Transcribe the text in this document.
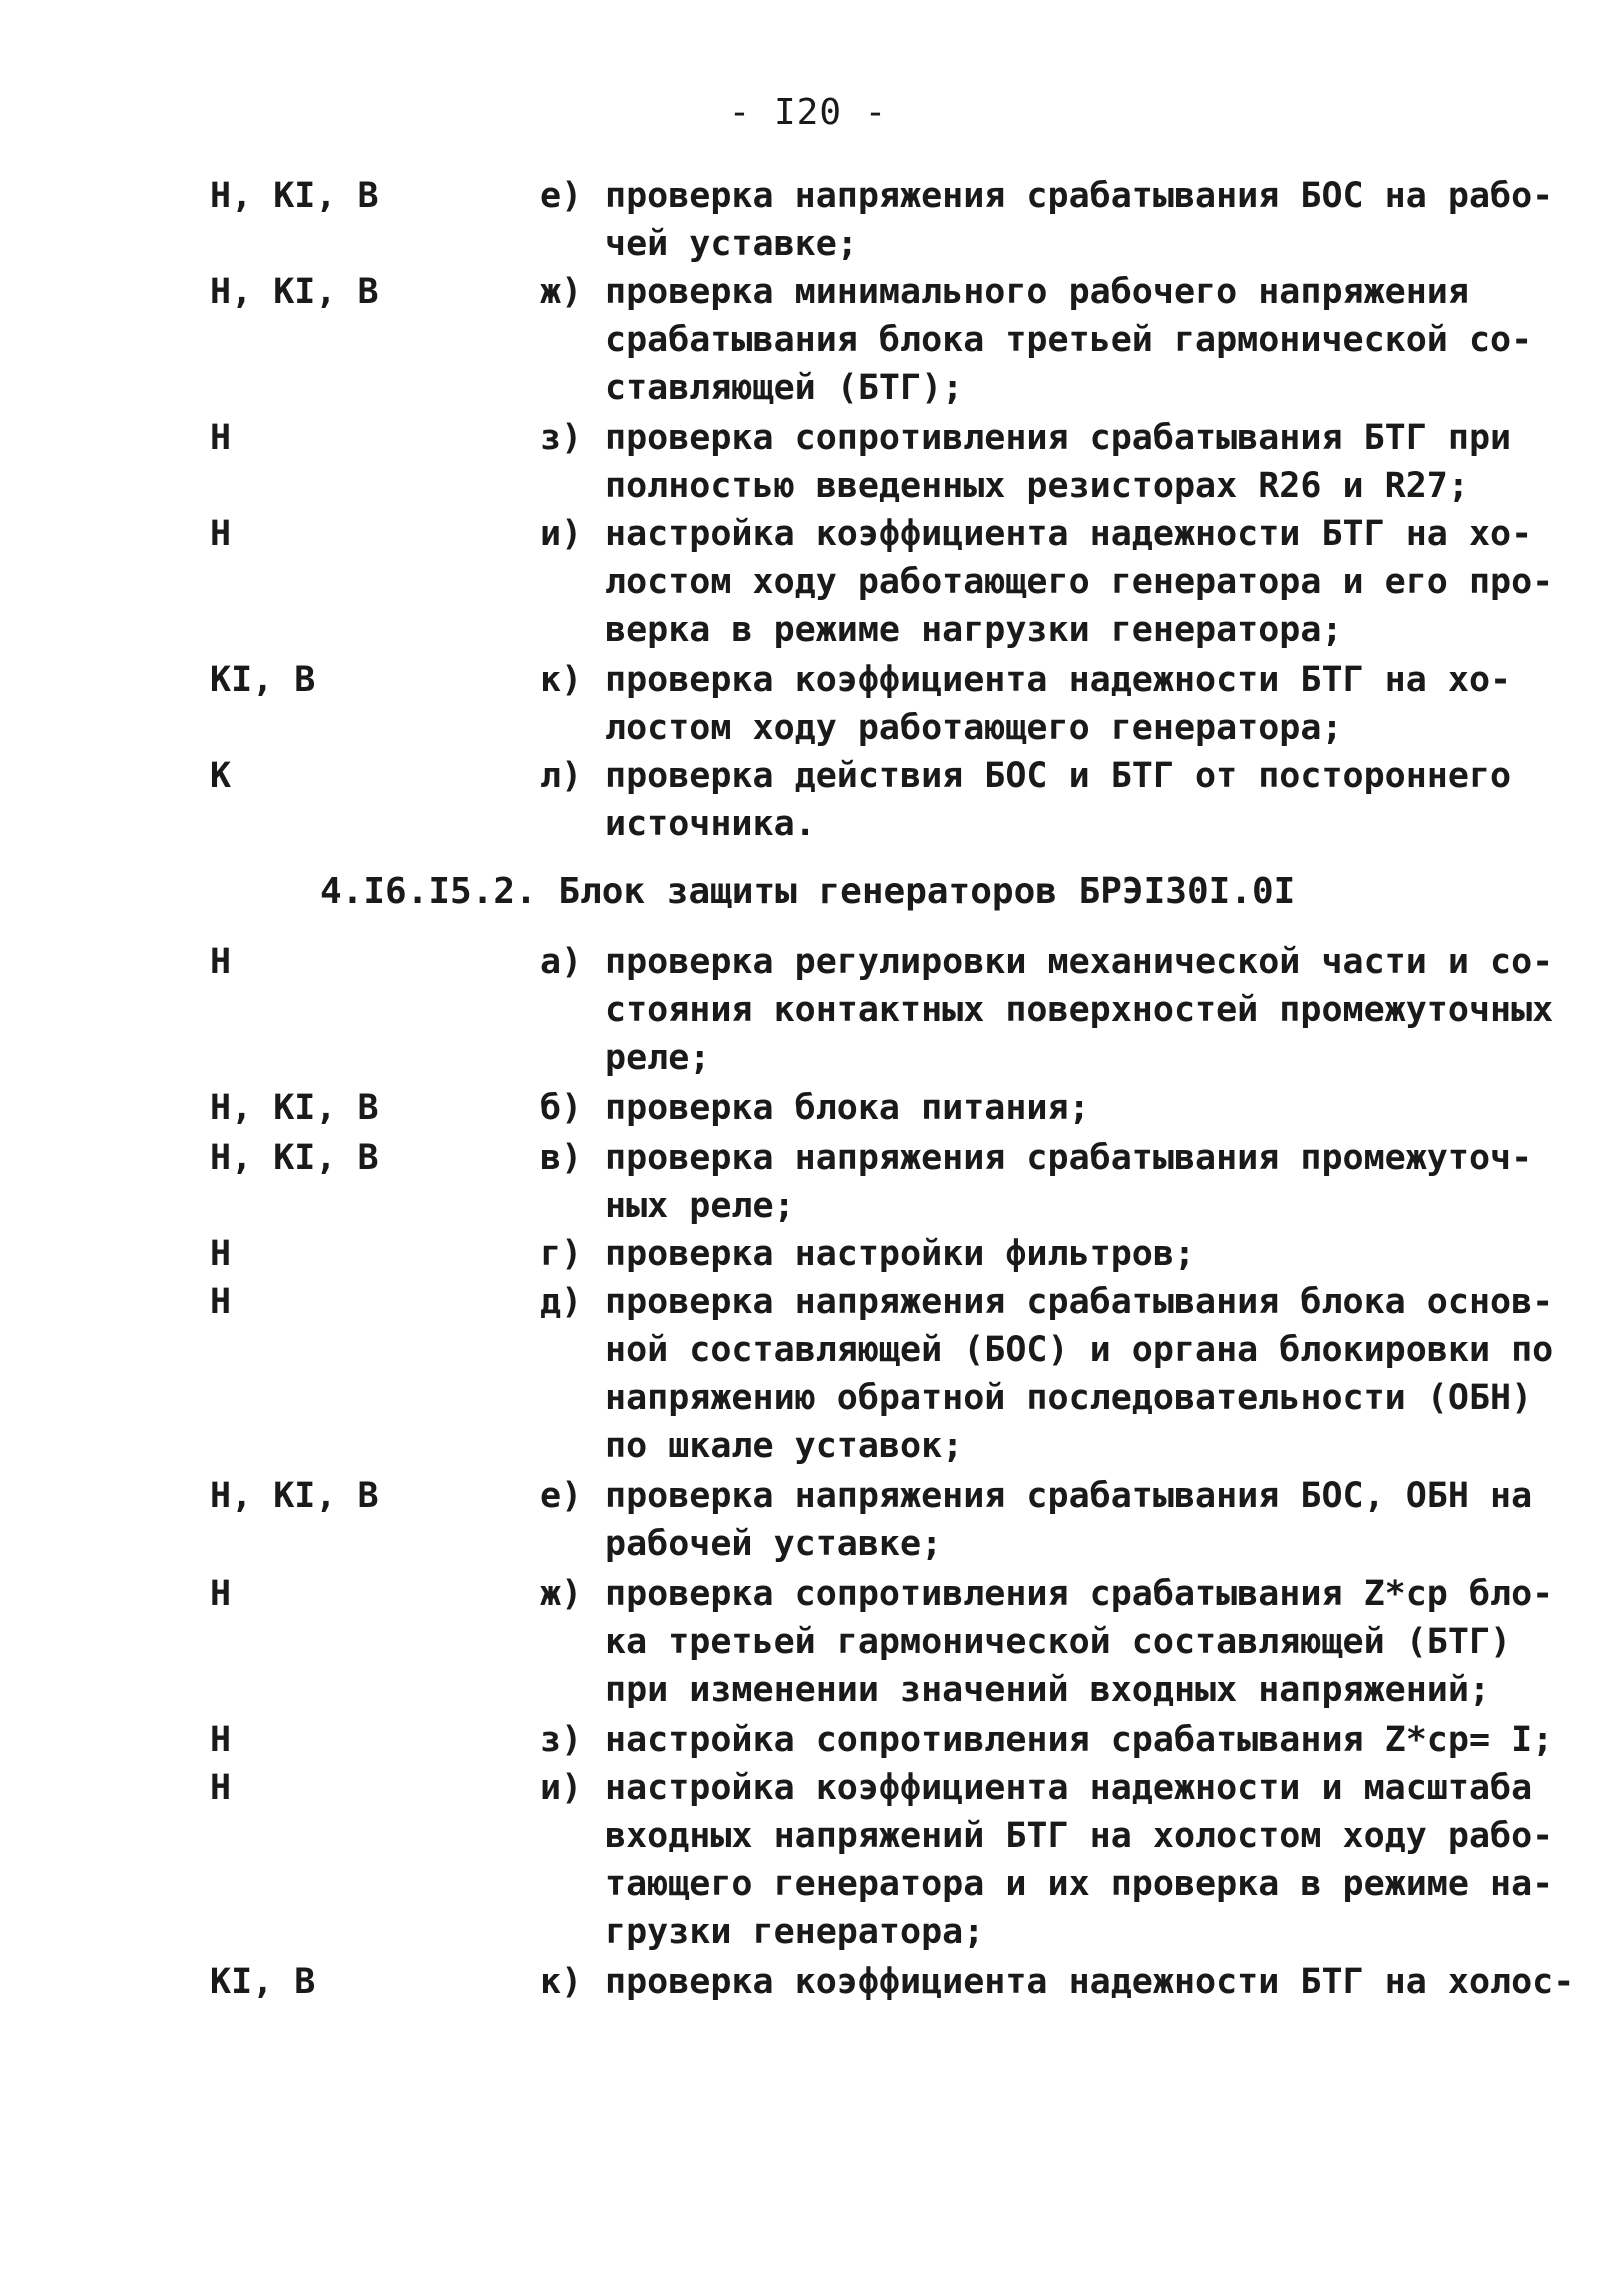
- I20 -
Н, КI, В	е) проверка напряжения срабатывания БОС на рабо-
чей уставке;
Н, КI, В	ж) проверка минимального рабочего напряжения
срабатывания блока третьей гармонической со-
ставляющей (БТГ);
Н	з) проверка сопротивления срабатывания БТГ при
полностью введенных резисторах R26 и R27;
Н	и) настройка коэффициента надежности БТГ на хо-
лостом ходу работающего генератора и его про-
верка в режиме нагрузки генератора;
КI, В	к) проверка коэффициента надежности БТГ на хо-
лостом ходу работающего генератора;
К	л) проверка действия БОС и БТГ от постороннего
источника.
4.I6.I5.2. Блок защиты генераторов БРЭI30I.0I
Н	а) проверка регулировки механической части и со-
стояния контактных поверхностей промежуточных
реле;
Н, КI, В	б) проверка блока питания;
Н, КI, В	в) проверка напряжения срабатывания промежуточ-
ных реле;
Н	г) проверка настройки фильтров;
Н	д) проверка напряжения срабатывания блока основ-
ной составляющей (БОС) и органа блокировки по
напряжению обратной последовательности (ОБН)
по шкале уставок;
Н, КI, В	е) проверка напряжения срабатывания БОС, ОБН на
рабочей уставке;
Н	ж) проверка сопротивления срабатывания Z*ср бло-
ка третьей гармонической составляющей (БТГ)
при изменении значений входных напряжений;
Н	з) настройка сопротивления срабатывания Z*ср= I;
Н	и) настройка коэффициента надежности и масштаба
входных напряжений БТГ на холостом ходу рабо-
тающего генератора и их проверка в режиме на-
грузки генератора;
КI, В	к) проверка коэффициента надежности БТГ на холос-
